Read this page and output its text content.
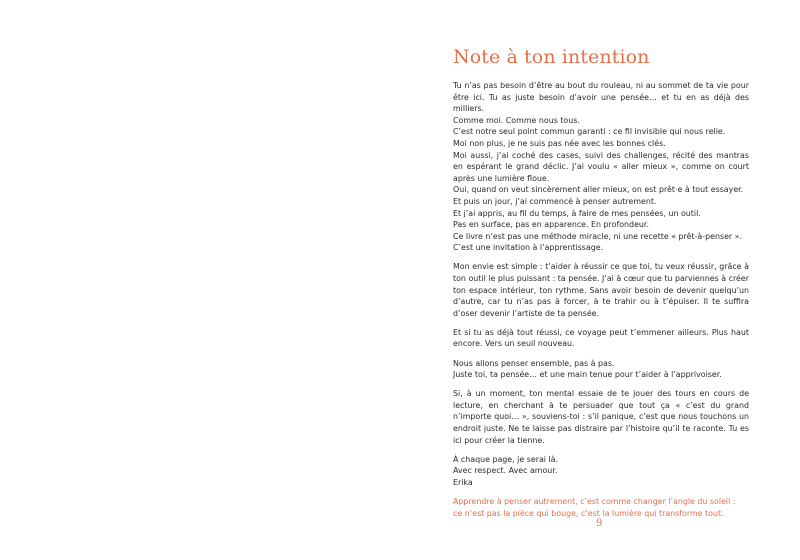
Note à ton intention

Tu n’as pas besoin d’être au bout du rouleau, ni au sommet de ta vie pour être ici. Tu as juste besoin d’avoir une pensée… et tu en as déjà des milliers.
Comme moi. Comme nous tous.
C’est notre seul point commun garanti : ce fil invisible qui nous relie.
Moi non plus, je ne suis pas née avec les bonnes clés.
Moi aussi, j’ai coché des cases, suivi des challenges, récité des mantras en espérant le grand déclic. J’ai voulu « aller mieux », comme on court après une lumière floue.
Oui, quand on veut sincèrement aller mieux, on est prêt·e à tout essayer.
Et puis un jour, j’ai commencé à penser autrement.
Et j’ai appris, au fil du temps, à faire de mes pensées, un outil.
Pas en surface, pas en apparence. En profondeur.
Ce livre n’est pas une méthode miracle, ni une recette « prêt-à-penser ».
C’est une invitation à l’apprentissage.

Mon envie est simple : t’aider à réussir ce que toi, tu veux réussir, grâce à ton outil le plus puissant : ta pensée. J’ai à cœur que tu parviennes à créer ton espace intérieur, ton rythme. Sans avoir besoin de devenir quelqu’un d’autre, car tu n’as pas à forcer, à te trahir ou à t’épuiser. Il te suffira d’oser devenir l’artiste de ta pensée.

Et si tu as déjà tout réussi, ce voyage peut t’emmener ailleurs. Plus haut encore. Vers un seuil nouveau.

Nous allons penser ensemble, pas à pas.
Juste toi, ta pensée… et une main tenue pour t’aider à l’apprivoiser.

Si, à un moment, ton mental essaie de te jouer des tours en cours de lecture, en cherchant à te persuader que tout ça « c’est du grand n’importe quoi… », souviens-toi : s’il panique, c’est que nous touchons un endroit juste. Ne te laisse pas distraire par l’histoire qu’il te raconte. Tu es ici pour créer la tienne.

À chaque page, je serai là.
Avec respect. Avec amour.
Erika

Apprendre à penser autrement, c’est comme changer l’angle du soleil :
ce n’est pas la pièce qui bouge, c’est la lumière qui transforme tout.

9
